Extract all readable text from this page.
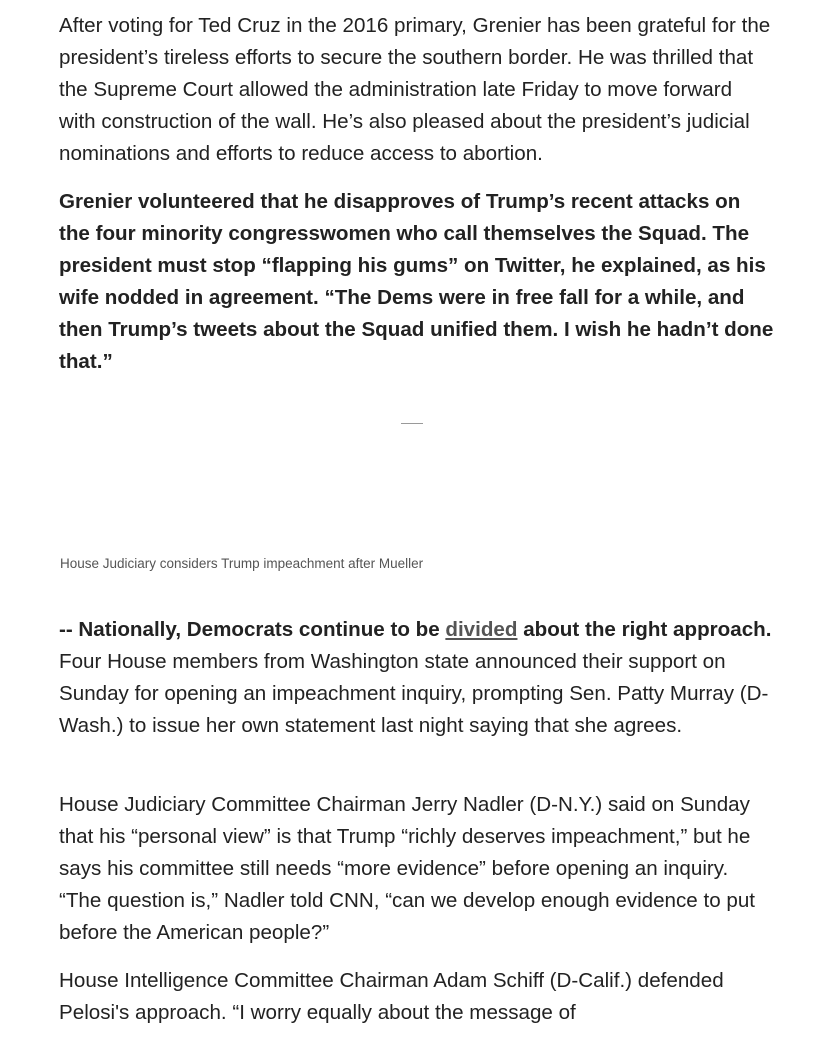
After voting for Ted Cruz in the 2016 primary, Grenier has been grateful for the president’s tireless efforts to secure the southern border. He was thrilled that the Supreme Court allowed the administration late Friday to move forward with construction of the wall. He’s also pleased about the president’s judicial nominations and efforts to reduce access to abortion.

Grenier volunteered that he disapproves of Trump’s recent attacks on the four minority congresswomen who call themselves the Squad. The president must stop “flapping his gums” on Twitter, he explained, as his wife nodded in agreement. “The Dems were in free fall for a while, and then Trump’s tweets about the Squad unified them. I wish he hadn’t done that.”

House Judiciary considers Trump impeachment after Mueller

-- Nationally, Democrats continue to be divided about the right approach. Four House members from Washington state announced their support on Sunday for opening an impeachment inquiry, prompting Sen. Patty Murray (D-Wash.) to issue her own statement last night saying that she agrees.

House Judiciary Committee Chairman Jerry Nadler (D-N.Y.) said on Sunday that his “personal view” is that Trump “richly deserves impeachment,” but he says his committee still needs “more evidence” before opening an inquiry. “The question is,” Nadler told CNN, “can we develop enough evidence to put before the American people?”

House Intelligence Committee Chairman Adam Schiff (D-Calif.) defended Pelosi's approach. “I worry equally about the message of
